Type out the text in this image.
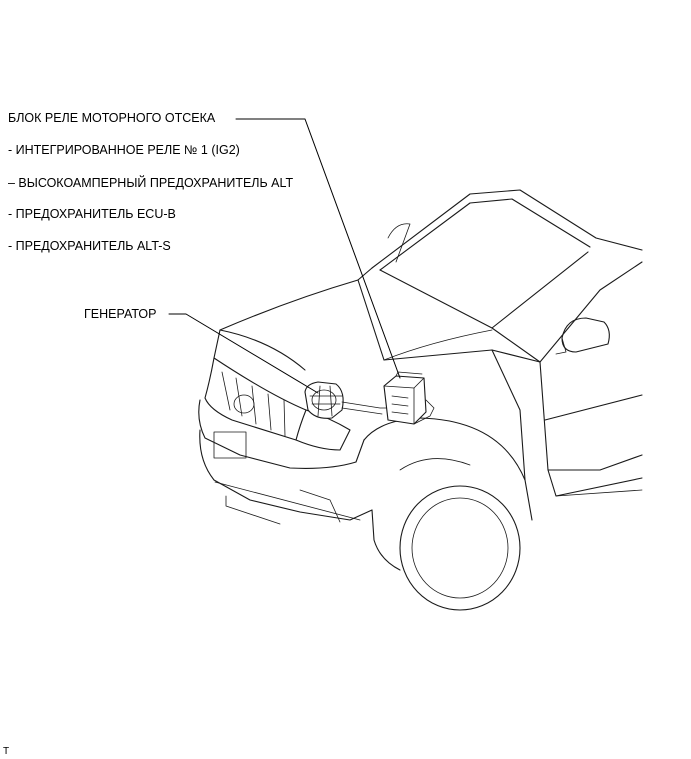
БЛОК РЕЛЕ МОТОРНОГО ОТСЕКА
- ИНТЕГРИРОВАННОЕ РЕЛЕ № 1 (IG2)
– ВЫСОКОАМПЕРНЫЙ ПРЕДОХРАНИТЕЛЬ ALT
- ПРЕДОХРАНИТЕЛЬ ECU-B
- ПРЕДОХРАНИТЕЛЬ ALT-S
ГЕНЕРАТОР
T
